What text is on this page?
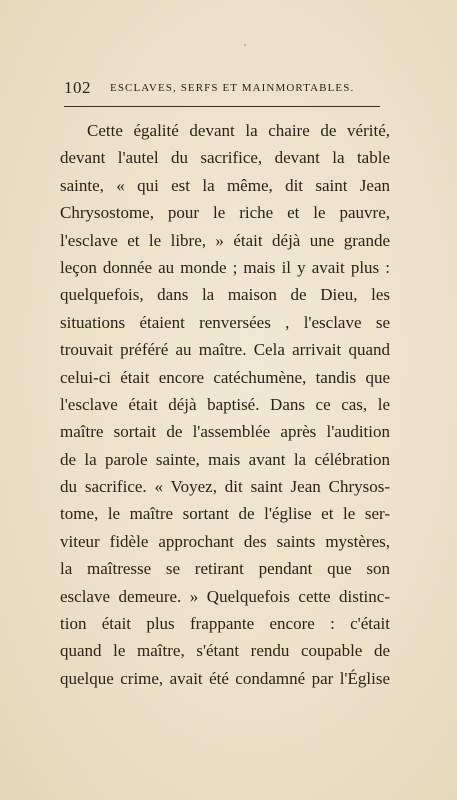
102 ESCLAVES, SERFS ET MAINMORTABLES.
Cette égalité devant la chaire de vérité,
devant l'autel du sacrifice, devant la table
sainte, « qui est la même, dit saint Jean
Chrysostome, pour le riche et le pauvre,
l'esclave et le libre, » était déjà une grande
leçon donnée au monde ; mais il y avait plus :
quelquefois, dans la maison de Dieu, les
situations étaient renversées , l'esclave se
trouvait préféré au maître. Cela arrivait quand
celui-ci était encore catéchumène, tandis que
l'esclave était déjà baptisé. Dans ce cas, le
maître sortait de l'assemblée après l'audition
de la parole sainte, mais avant la célébration
du sacrifice. « Voyez, dit saint Jean Chrysos-
tome, le maître sortant de l'église et le ser-
viteur fidèle approchant des saints mystères,
la maîtresse se retirant pendant que son
esclave demeure. » Quelquefois cette distinc-
tion était plus frappante encore : c'était
quand le maître, s'étant rendu coupable de
quelque crime, avait été condamné par l'Église
